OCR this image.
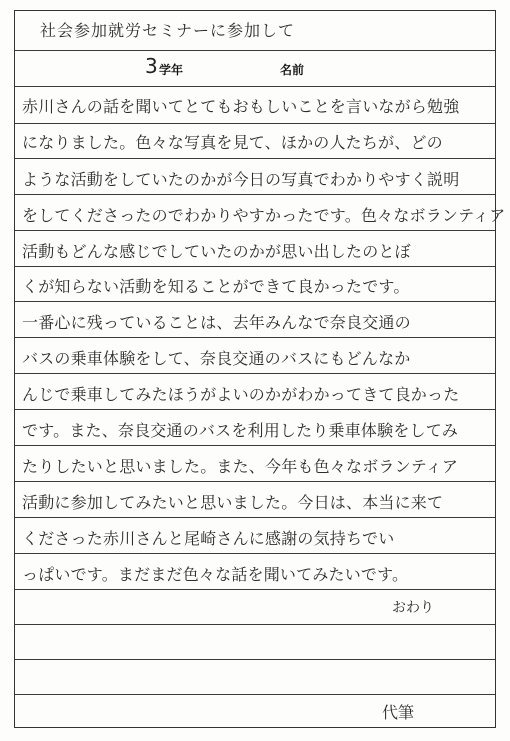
社会参加就労セミナーに参加して
3 学年	名前
赤川さんの話を聞いてとてもおもしいことを言いながら勉強
になりました。色々な写真を見て、ほかの人たちが、どの
ような活動をしていたのかが今日の写真でわかりやすく説明
をしてくださったのでわかりやすかったです。色々なボランティア
活動もどんな感じでしていたのかが思い出したのとぼ
くが知らない活動を知ることができて良かったです。
一番心に残っていることは、去年みんなで奈良交通の
バスの乗車体験をして、奈良交通のバスにもどんなか
んじで乗車してみたほうがよいのかがわかってきて良かった
です。また、奈良交通のバスを利用したり乗車体験をしてみ
たりしたいと思いました。また、今年も色々なボランティア
活動に参加してみたいと思いました。今日は、本当に来て
くださった赤川さんと尾崎さんに感謝の気持ちでい
っぱいです。まだまだ色々な話を聞いてみたいです。
おわり
代筆
